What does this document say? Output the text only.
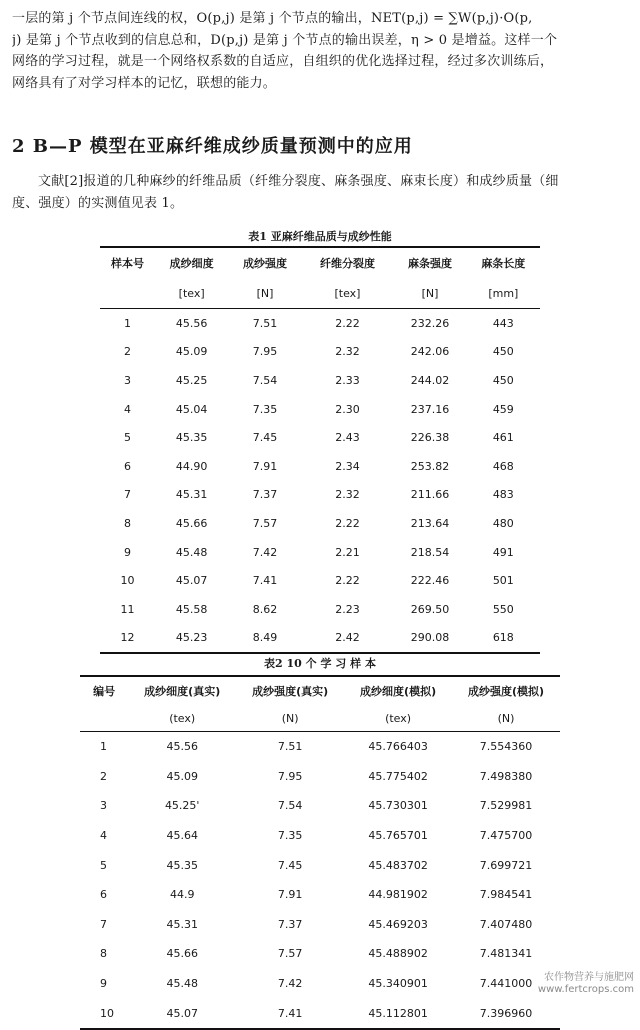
一层的第 j 个节点间连线的权，O(p,j) 是第 j 个节点的输出，NET(p,j) = ∑W(p,j)·O(p,
j) 是第 j 个节点收到的信息总和，D(p,j) 是第 j 个节点的输出误差，η > 0 是增益。这样一个
网络的学习过程，就是一个网络权系数的自适应，自组织的优化选择过程，经过多次训练后，
网络具有了对学习样本的记忆，联想的能力。
2 B—P 模型在亚麻纤维成纱质量预测中的应用
文献[2]报道的几种麻纱的纤维品质（纤维分裂度、麻条强度、麻束长度）和成纱质量（细
度、强度）的实测值见表 1。
表1 亚麻纤维品质与成纱性能
样本号	成纱细度	成纱强度	纤维分裂度	麻条强度	麻条长度
	[tex]	[N]	[tex]	[N]	[mm]
1	45.56	7.51	2.22	232.26	443
2	45.09	7.95	2.32	242.06	450
3	45.25	7.54	2.33	244.02	450
4	45.04	7.35	2.30	237.16	459
5	45.35	7.45	2.43	226.38	461
6	44.90	7.91	2.34	253.82	468
7	45.31	7.37	2.32	211.66	483
8	45.66	7.57	2.22	213.64	480
9	45.48	7.42	2.21	218.54	491
10	45.07	7.41	2.22	222.46	501
11	45.58	8.62	2.23	269.50	550
12	45.23	8.49	2.42	290.08	618
表2 10 个 学 习 样 本
编号	成纱细度(真实)	成纱强度(真实)	成纱细度(模拟)	成纱强度(模拟)
	(tex)	(N)	(tex)	(N)
1	45.56	7.51	45.766403	7.554360
2	45.09	7.95	45.775402	7.498380
3	45.25'	7.54	45.730301	7.529981
4	45.64	7.35	45.765701	7.475700
5	45.35	7.45	45.483702	7.699721
6	44.9	7.91	44.981902	7.984541
7	45.31	7.37	45.469203	7.407480
8	45.66	7.57	45.488902	7.481341
9	45.48	7.42	45.340901	7.441000
10	45.07	7.41	45.112801	7.396960
农作物营养与施肥网
www.fertcrops.com
